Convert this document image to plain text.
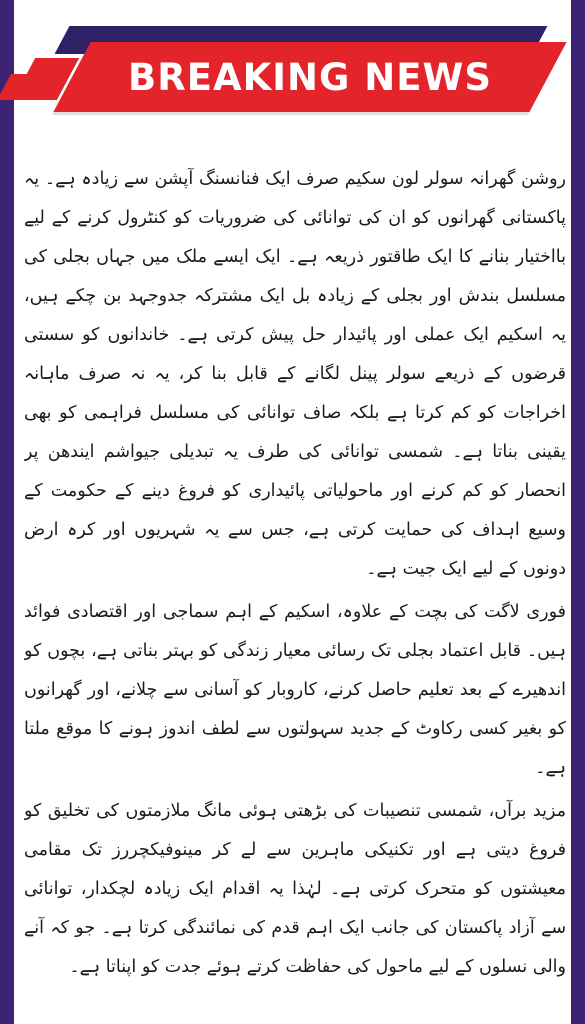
BREAKING NEWS

روشن گھرانہ سولر لون سکیم صرف ایک فنانسنگ آپشن سے زیادہ ہے۔ یہ پاکستانی گھرانوں کو ان کی توانائی کی ضروریات کو کنٹرول کرنے کے لیے بااختیار بنانے کا ایک طاقتور ذریعہ ہے۔ ایک ایسے ملک میں جہاں بجلی کی مسلسل بندش اور بجلی کے زیادہ بل ایک مشترکہ جدوجہد بن چکے ہیں، یہ اسکیم ایک عملی اور پائیدار حل پیش کرتی ہے۔ خاندانوں کو سستی قرضوں کے ذریعے سولر پینل لگانے کے قابل بنا کر، یہ نہ صرف ماہانہ اخراجات کو کم کرتا ہے بلکہ صاف توانائی کی مسلسل فراہمی کو بھی یقینی بناتا ہے۔ شمسی توانائی کی طرف یہ تبدیلی جیواشم ایندھن پر انحصار کو کم کرنے اور ماحولیاتی پائیداری کو فروغ دینے کے حکومت کے وسیع اہداف کی حمایت کرتی ہے، جس سے یہ شہریوں اور کرہ ارض دونوں کے لیے ایک جیت ہے۔

فوری لاگت کی بچت کے علاوہ، اسکیم کے اہم سماجی اور اقتصادی فوائد ہیں۔ قابل اعتماد بجلی تک رسائی معیار زندگی کو بہتر بناتی ہے، بچوں کو اندھیرے کے بعد تعلیم حاصل کرنے، کاروبار کو آسانی سے چلانے، اور گھرانوں کو بغیر کسی رکاوٹ کے جدید سہولتوں سے لطف اندوز ہونے کا موقع ملتا ہے۔

مزید برآں، شمسی تنصیبات کی بڑھتی ہوئی مانگ ملازمتوں کی تخلیق کو فروغ دیتی ہے اور تکنیکی ماہرین سے لے کر مینوفیکچررز تک مقامی معیشتوں کو متحرک کرتی ہے۔ لہٰذا یہ اقدام ایک زیادہ لچکدار، توانائی سے آزاد پاکستان کی جانب ایک اہم قدم کی نمائندگی کرتا ہے۔ جو کہ آنے والی نسلوں کے لیے ماحول کی حفاظت کرتے ہوئے جدت کو اپناتا ہے۔
